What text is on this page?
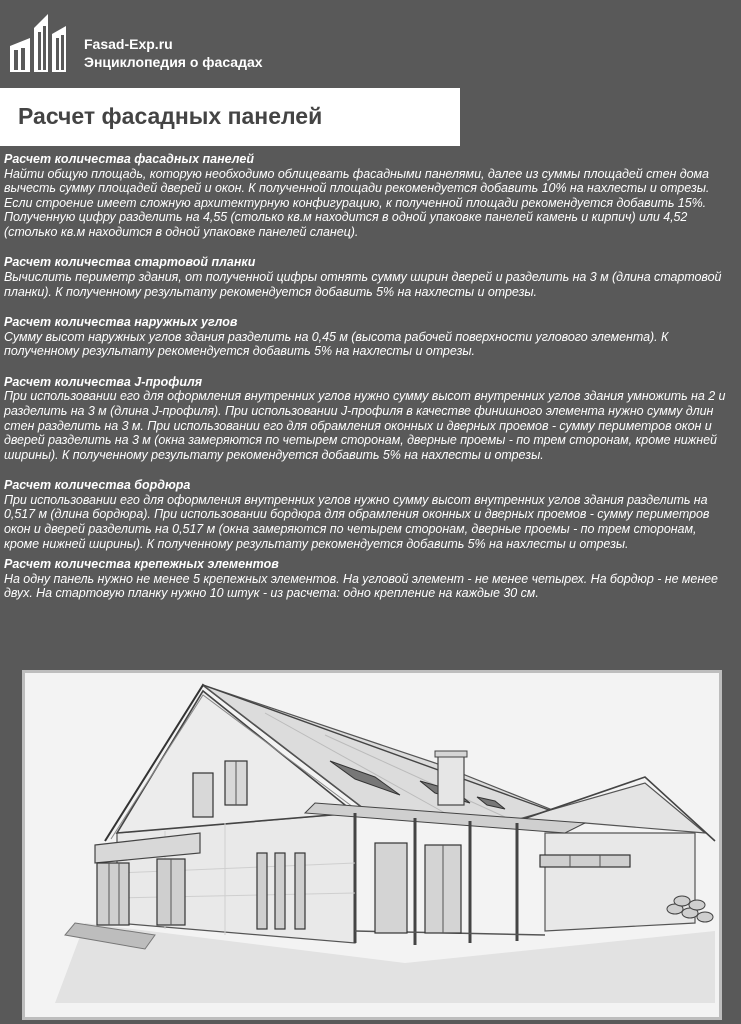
Fasad-Exp.ru
Энциклопедия о фасадах
Расчет фасадных панелей

Расчет количества фасадных панелей

Найти общую площадь, которую необходимо облицевать фасадными панелями, далее из суммы площадей стен дома вычесть сумму площадей дверей и окон. К полученной площади рекомендуется добавить 10% на нахлесты и отрезы. Если строение имеет сложную архитектурную конфигурацию, к полученной площади рекомендуется добавить 15%. Полученную цифру разделить на 4,55 (столько кв.м находится в одной упаковке панелей камень и кирпич) или 4,52 (столько кв.м находится в одной упаковке панелей сланец).

Расчет количества стартовой планки

Вычислить периметр здания, от полученной цифры отнять сумму ширин дверей и разделить на 3 м (длина стартовой планки). К полученному результату рекомендуется добавить 5% на нахлесты и отрезы.

Расчет количества наружных углов

Сумму высот наружных углов здания разделить на 0,45 м (высота рабочей поверхности углового элемента). К полученному результату рекомендуется добавить 5% на нахлесты и отрезы.

Расчет количества J-профиля

При использовании его для оформления внутренних углов нужно сумму высот внутренних углов здания умножить на 2 и разделить на 3 м (длина J-профиля). При использовании J-профиля в качестве финишного элемента нужно сумму длин стен разделить на 3 м. При использовании его для обрамления оконных и дверных проемов - сумму периметров окон и дверей разделить на 3 м (окна замеряются по четырем сторонам, дверные проемы - по трем сторонам, кроме нижней ширины). К полученному результату рекомендуется добавить 5% на нахлесты и отрезы.

Расчет количества бордюра

При использовании его для оформления внутренних углов нужно сумму высот внутренних углов здания разделить на 0,517 м (длина бордюра). При использовании бордюра для обрамления оконных и дверных проемов - сумму периметров окон и дверей разделить на 0,517 м (окна замеряются по четырем сторонам, дверные проемы - по трем сторонам, кроме нижней ширины). К полученному результату рекомендуется добавить 5% на нахлесты и отрезы.

Расчет количества крепежных элементов

На одну панель нужно не менее 5 крепежных элементов. На угловой элемент - не менее четырех. На бордюр - не менее двух. На стартовую планку нужно 10 штук - из расчета: одно крепление на каждые 30 см.
